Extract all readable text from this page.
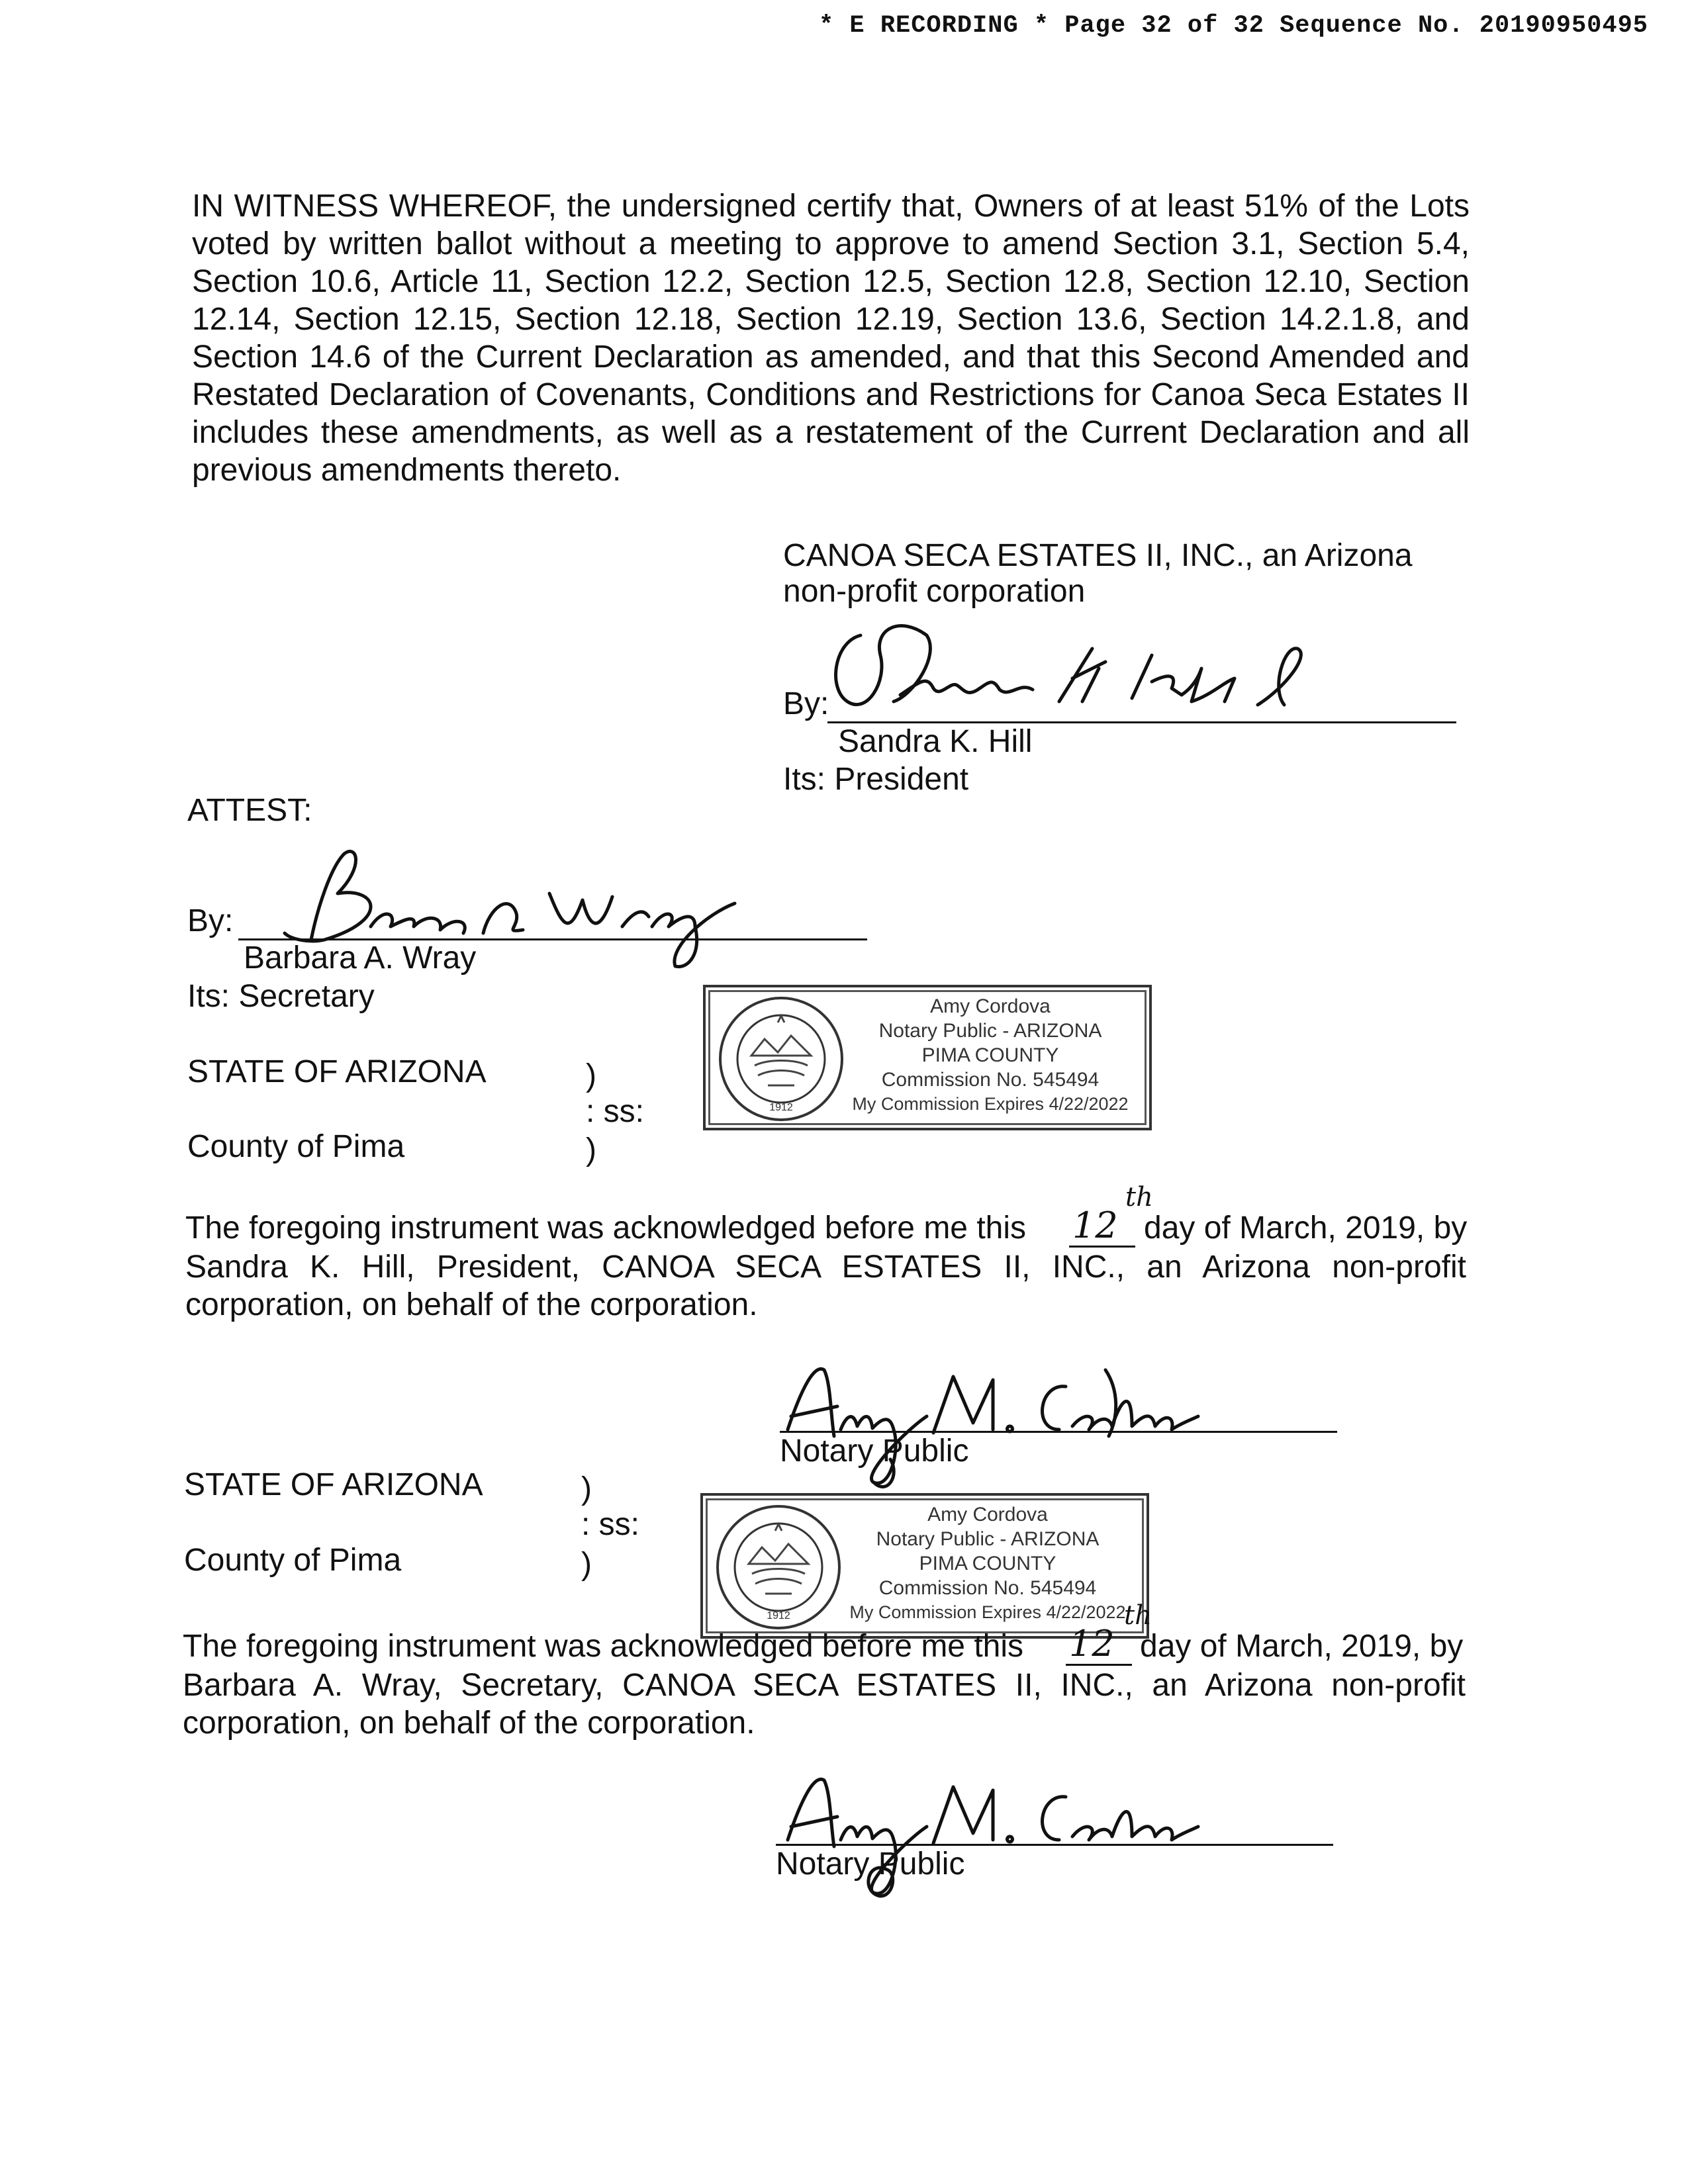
* E RECORDING * Page 32 of 32 Sequence No. 20190950495
IN WITNESS WHEREOF, the undersigned certify that, Owners of at least 51% of the Lots voted by written ballot without a meeting to approve to amend Section 3.1, Section 5.4, Section 10.6, Article 11, Section 12.2, Section 12.5, Section 12.8, Section 12.10, Section 12.14, Section 12.15, Section 12.18, Section 12.19, Section 13.6, Section 14.2.1.8, and Section 14.6 of the Current Declaration as amended, and that this Second Amended and Restated Declaration of Covenants, Conditions and Restrictions for Canoa Seca Estates II includes these amendments, as well as a restatement of the Current Declaration and all previous amendments thereto.
CANOA SECA ESTATES II, INC., an Arizona
non-profit corporation
By:
Sandra K. Hill
Its: President
ATTEST:
By:
Barbara A. Wray
Its: Secretary
1912
Amy Cordova
Notary Public - ARIZONA
PIMA COUNTY
Commission No. 545494
My Commission Expires 4/22/2022
STATE OF ARIZONA	)
: ss:
County of Pima	)
The foregoing instrument was acknowledged before me this 12
th
day of March, 2019, by
Sandra K. Hill, President, CANOA SECA ESTATES II, INC., an Arizona non-profit corporation, on behalf of the corporation.
Notary Public
STATE OF ARIZONA	)
: ss:
County of Pima	)
1912
Amy Cordova
Notary Public - ARIZONA
PIMA COUNTY
Commission No. 545494
My Commission Expires 4/22/2022
The foregoing instrument was acknowledged before me this 12
th
day of March, 2019, by
Barbara A. Wray, Secretary, CANOA SECA ESTATES II, INC., an Arizona non-profit corporation, on behalf of the corporation.
Notary Public
